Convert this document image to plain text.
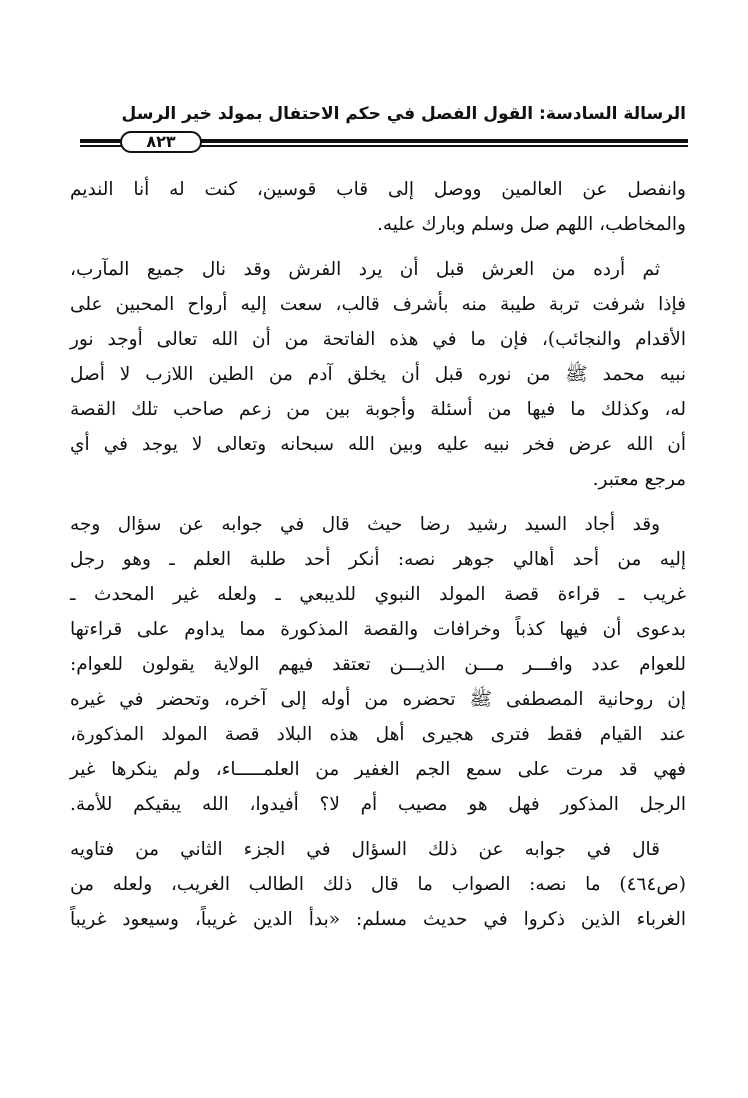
الرسالة السادسة: القول الفصل في حكم الاحتفال بمولد خير الرسل
٨٢٣

وانفصل عن العالمين ووصل إلى قاب قوسين، كنت له أنا النديم
والمخاطب، اللهم صل وسلم وبارك عليه.

ثم أرده من العرش قبل أن يرد الفرش وقد نال جميع المآرب،
فإذا شرفت تربة طيبة منه بأشرف قالب، سعت إليه أرواح المحبين على
الأقدام والنجائب)، فإن ما في هذه الفاتحة من أن الله تعالى أوجد نور
نبيه محمد ﷺ من نوره قبل أن يخلق آدم من الطين اللازب لا أصل
له، وكذلك ما فيها من أسئلة وأجوبة بين من زعم صاحب تلك القصة
أن الله عرض فخر نبيه عليه وبين الله سبحانه وتعالى لا يوجد في أي
مرجع معتبر.

وقد أجاد السيد رشيد رضا حيث قال في جوابه عن سؤال وجه
إليه من أحد أهالي جوهر نصه: أنكر أحد طلبة العلم ـ وهو رجل
غريب ـ قراءة قصة المولد النبوي للديبعي ـ ولعله غير المحدث ـ
بدعوى أن فيها كذباً وخرافات والقصة المذكورة مما يداوم على قراءتها
للعوام عدد وافـــر مـــن الذيـــن تعتقد فيهم الولاية يقولون للعوام:
إن روحانية المصطفى ﷺ تحضره من أوله إلى آخره، وتحضر في غيره
عند القيام فقط فترى هجيرى أهل هذه البلاد قصة المولد المذكورة،
فهي قد مرت على سمع الجم الغفير من العلمـــــاء، ولم ينكرها غير
الرجل المذكور فهل هو مصيب أم لا؟ أفيدوا، الله يبقيكم للأمة.

قال في جوابه عن ذلك السؤال في الجزء الثاني من فتاويه
(ص٤٦٤) ما نصه: الصواب ما قال ذلك الطالب الغريب، ولعله من
الغرباء الذين ذكروا في حديث مسلم: «بدأ الدين غريباً، وسيعود غريباً
